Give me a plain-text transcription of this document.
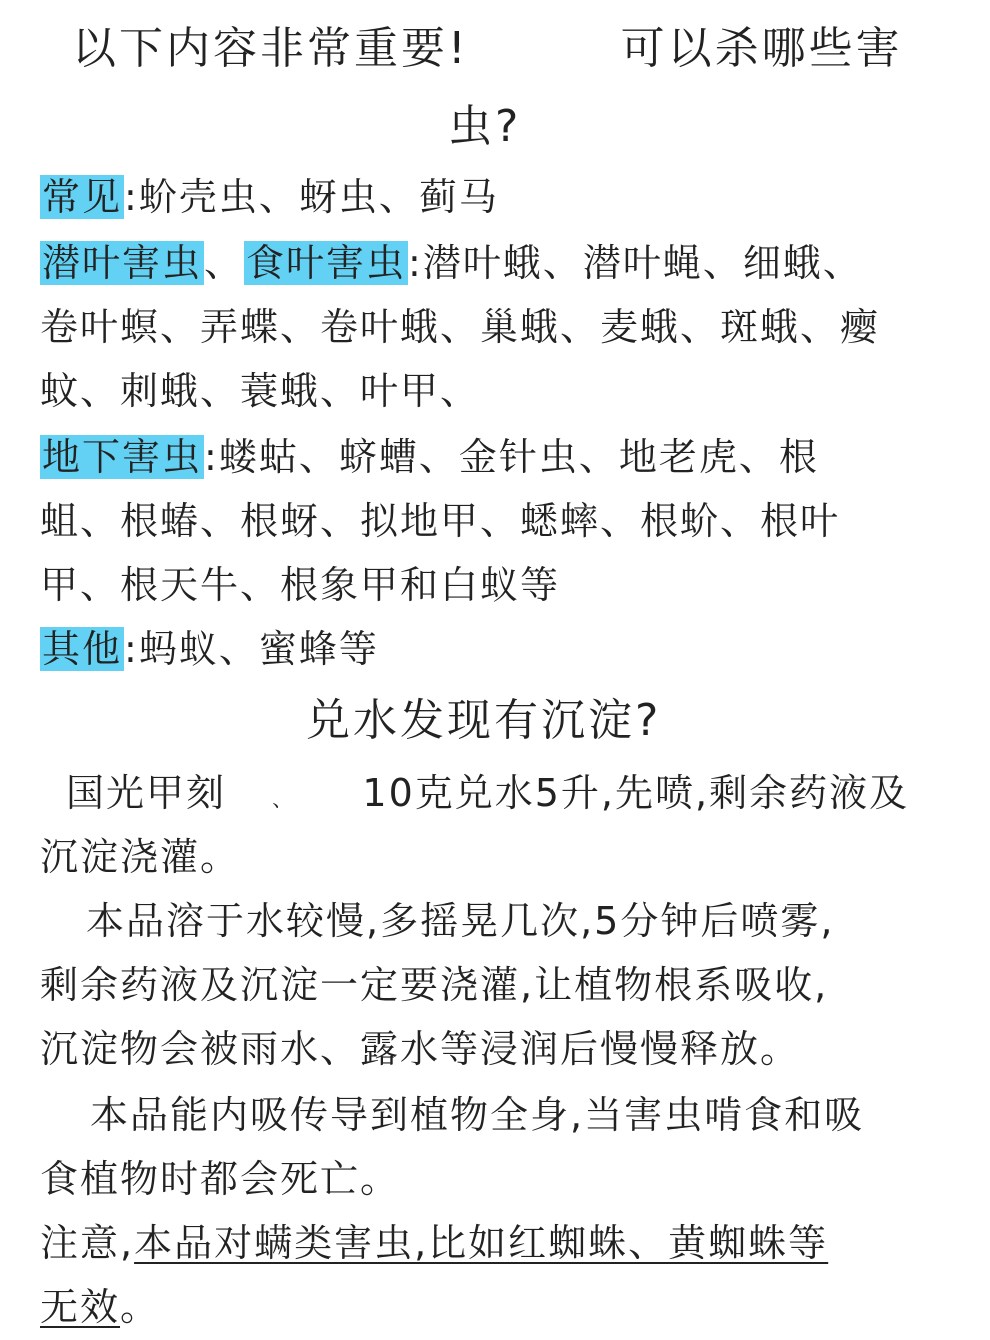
以下内容非常重要!	可以杀哪些害
虫?
常见:蚧壳虫、蚜虫、蓟马
潜叶害虫、食叶害虫:潜叶蛾、潜叶蝇、细蛾、
卷叶螟、弄蝶、卷叶蛾、巢蛾、麦蛾、斑蛾、瘿
蚊、刺蛾、蓑蛾、叶甲、
地下害虫:蝼蛄、蛴螬、金针虫、地老虎、根
蛆、根蝽、根蚜、拟地甲、蟋蟀、根蚧、根叶
甲、根天牛、根象甲和白蚁等
其他:蚂蚁、蜜蜂等
兑水发现有沉淀?
国光甲刻 、 10克兑水5升,先喷,剩余药液及
沉淀浇灌。
本品溶于水较慢,多摇晃几次,5分钟后喷雾,
剩余药液及沉淀一定要浇灌,让植物根系吸收,
沉淀物会被雨水、露水等浸润后慢慢释放。
本品能内吸传导到植物全身,当害虫啃食和吸
食植物时都会死亡。
注意,本品对螨类害虫,比如红蜘蛛、黄蜘蛛等
无效。
